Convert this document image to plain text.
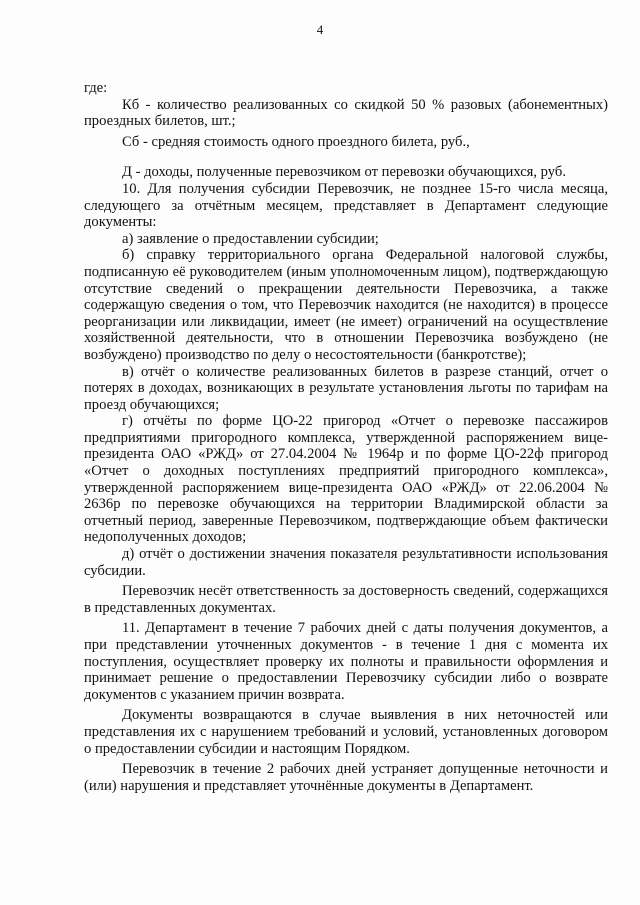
4

где:

Кб - количество реализованных со скидкой 50 % разовых (абонементных) проездных билетов, шт.;

Сб - средняя стоимость одного проездного билета, руб.,

Д - доходы, полученные перевозчиком от перевозки обучающихся, руб.

10. Для получения субсидии Перевозчик, не позднее 15-го числа месяца, следующего за отчётным месяцем, представляет в Департамент следующие документы:

а) заявление о предоставлении субсидии;

б) справку территориального органа Федеральной налоговой службы, подписанную её руководителем (иным уполномоченным лицом), подтверждающую отсутствие сведений о прекращении деятельности Перевозчика, а также содержащую сведения о том, что Перевозчик находится (не находится) в процессе реорганизации или ликвидации, имеет (не имеет) ограничений на осуществление хозяйственной деятельности, что в отношении Перевозчика возбуждено (не возбуждено) производство по делу о несостоятельности (банкротстве);

в) отчёт о количестве реализованных билетов в разрезе станций, отчет о потерях в доходах, возникающих в результате установления льготы по тарифам на проезд обучающихся;

г) отчёты по форме ЦО-22 пригород «Отчет о перевозке пассажиров предприятиями пригородного комплекса, утвержденной распоряжением вице-президента ОАО «РЖД» от 27.04.2004 № 1964р и по форме ЦО-22ф пригород «Отчет о доходных поступлениях предприятий пригородного комплекса», утвержденной распоряжением вице-президента ОАО «РЖД» от 22.06.2004 № 2636р по перевозке обучающихся на территории Владимирской области за отчетный период, заверенные Перевозчиком, подтверждающие объем фактически недополученных доходов;

д) отчёт о достижении значения показателя результативности использования субсидии.

Перевозчик несёт ответственность за достоверность сведений, содержащихся в представленных документах.

11. Департамент в течение 7 рабочих дней с даты получения документов, а при представлении уточненных документов - в течение 1 дня с момента их поступления, осуществляет проверку их полноты и правильности оформления и принимает решение о предоставлении Перевозчику субсидии либо о возврате документов с указанием причин возврата.

Документы возвращаются в случае выявления в них неточностей или представления их с нарушением требований и условий, установленных договором о предоставлении субсидии и настоящим Порядком.

Перевозчик в течение 2 рабочих дней устраняет допущенные неточности и (или) нарушения и представляет уточнённые документы в Департамент.
